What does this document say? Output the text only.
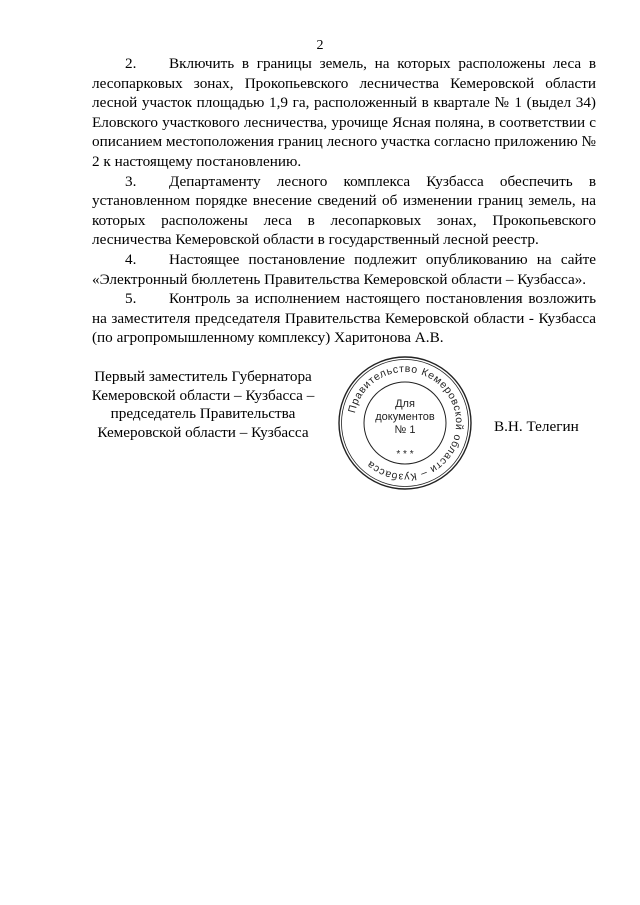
2

2. Включить в границы земель, на которых расположены леса в лесопарковых зонах, Прокопьевского лесничества Кемеровской области лесной участок площадью 1,9 га, расположенный в квартале № 1 (выдел 34) Еловского участкового лесничества, урочище Ясная поляна, в соответствии с описанием местоположения границ лесного участка согласно приложению № 2 к настоящему постановлению.

3. Департаменту лесного комплекса Кузбасса обеспечить в установленном порядке внесение сведений об изменении границ земель, на которых расположены леса в лесопарковых зонах, Прокопьевского лесничества Кемеровской области в государственный лесной реестр.

4. Настоящее постановление подлежит опубликованию на сайте «Электронный бюллетень Правительства Кемеровской области – Кузбасса».

5. Контроль за исполнением настоящего постановления возложить на заместителя председателя Правительства Кемеровской области - Кузбасса (по агропромышленному комплексу) Харитонова А.В.

Первый заместитель Губернатора
Кемеровской области – Кузбасса –
председатель Правительства
Кемеровской области – Кузбасса
Правительство Кемеровской области – Кузбасса
Для
документов
№ 1
* * *
В.Н. Телегин
